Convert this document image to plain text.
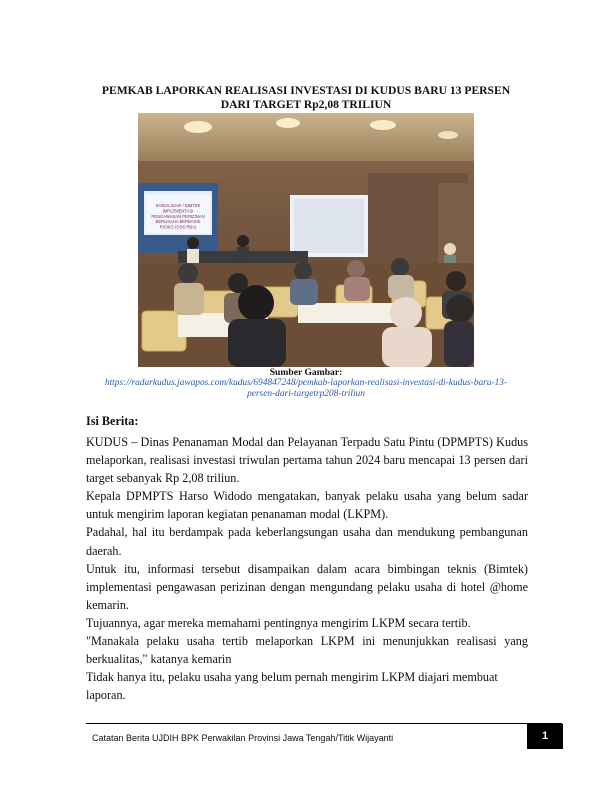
PEMKAB LAPORKAN REALISASI INVESTASI DI KUDUS BARU 13 PERSEN
DARI TARGET Rp2,08 TRILIUN
SOSIALISASI / BIMTEK IMPLEMENTASI PENGAWASAN PERIZINAN BERUSAHA BERBASIS RISIKO (OSS RBA)
Sumber Gambar:
https://radarkudus.jawapos.com/kudus/694847248/pemkab-laporkan-realisasi-investasi-di-kudus-baru-13-
persen-dari-targetrp208-triliun
Isi Berita:

KUDUS – Dinas Penanaman Modal dan Pelayanan Terpadu Satu Pintu (DPMPTS) Kudus melaporkan, realisasi investasi triwulan pertama tahun 2024 baru mencapai 13 persen dari target sebanyak Rp 2,08 triliun.

Kepala DPMPTS Harso Widodo mengatakan, banyak pelaku usaha yang belum sadar untuk mengirim laporan kegiatan penanaman modal (LKPM).

Padahal, hal itu berdampak pada keberlangsungan usaha dan mendukung pembangunan daerah.

Untuk itu, informasi tersebut disampaikan dalam acara bimbingan teknis (Bimtek) implementasi pengawasan perizinan dengan mengundang pelaku usaha di hotel @home kemarin.

Tujuannya, agar mereka memahami pentingnya mengirim LKPM secara tertib.

"Manakala pelaku usaha tertib melaporkan LKPM ini menunjukkan realisasi yang berkualitas," katanya kemarin

Tidak hanya itu, pelaku usaha yang belum pernah mengirim LKPM diajari membuat laporan.

Catatan Berita UJDIH BPK Perwakilan Provinsi Jawa Tengah/Titik Wijayanti	1
